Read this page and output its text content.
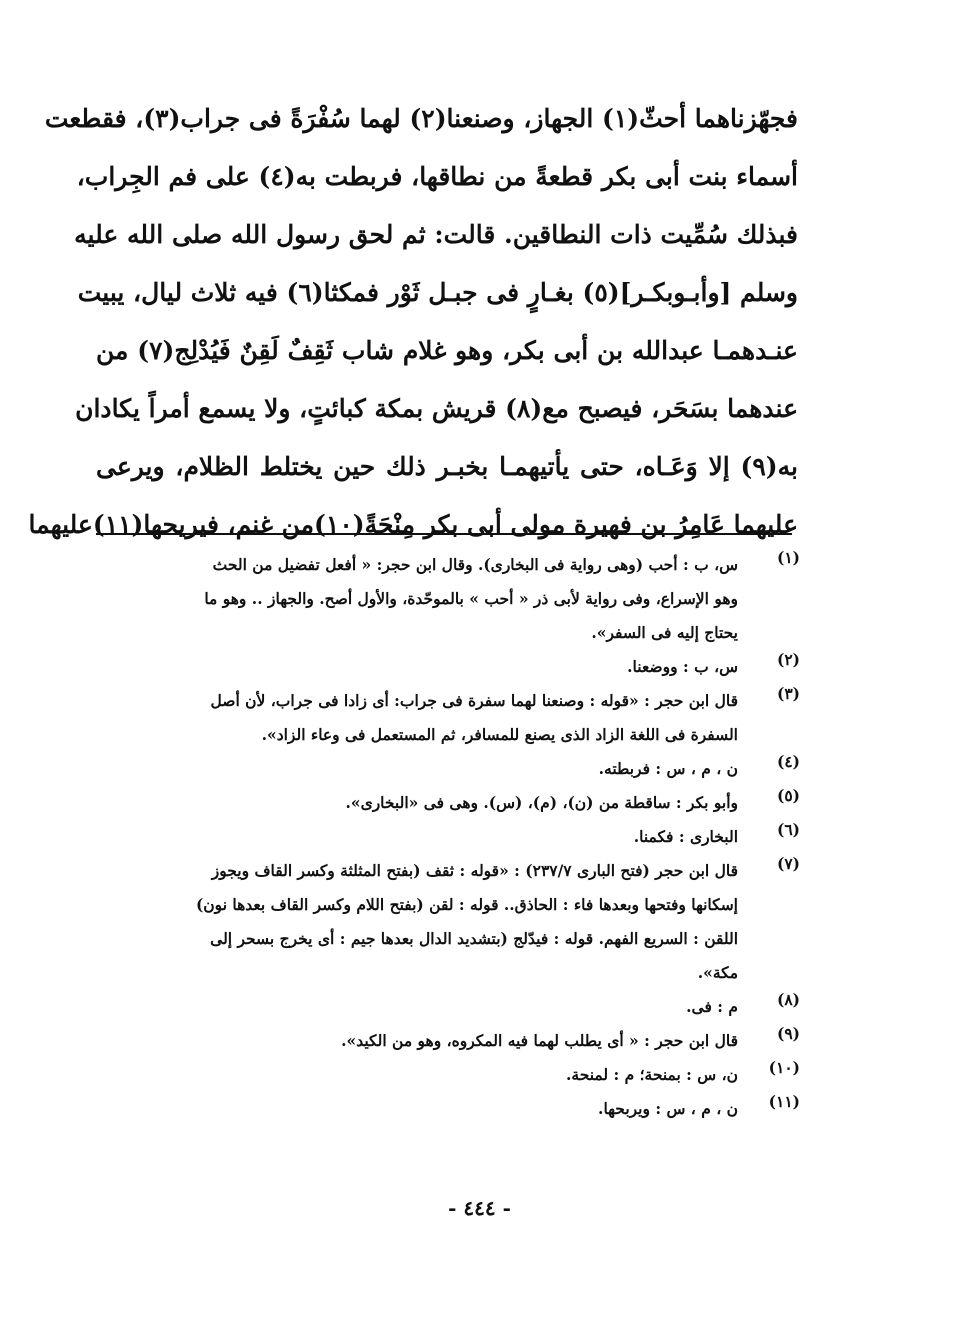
فجهّزناهما أحثّ(١) الجهاز، وصنعنا(٢) لهما سُفْرَةً فى جراب(٣)، فقطعت
أسماء بنت أبى بكر قطعةً من نطاقها، فربطت به(٤) على فم الجِراب،
فبذلك سُمِّيت ذات النطاقين. قالت: ثم لحق رسول الله صلى الله عليه
وسلم [وأبـوبكـر](٥) بغـارٍ فى جبـل ثَوْر فمكثا(٦) فيه ثلاث ليال، يبيت
عنـدهمـا عبدالله بن أبى بكر، وهو غلام شاب ثَقِفٌ لَقِنٌ فَيُدْلِج(٧) من
عندهما بسَحَر، فيصبح مع(٨) قريش بمكة كبائتٍ، ولا يسمع أمراً يكادان
به(٩) إلا وَعَـاه، حتى يأتيهمـا بخبـر ذلك حين يختلط الظلام، ويرعى
عليهما عَامِرُ بن فهيرة مولى أبى بكر مِنْحَةً(١٠)من غنم، فيريحها(١١)عليهما
(١)
س، ب : أحب (وهى رواية فى البخارى). وقال ابن حجر: « أفعل تفضيل من الحث
وهو الإسراع، وفى رواية لأبى ذر « أحب » بالموحّدة، والأول أصح. والجهاز .. وهو ما
يحتاج إليه فى السفر».
(٢)
س، ب : ووضعنا.
(٣)
قال ابن حجر : «قوله : وصنعنا لهما سفرة فى جراب: أى زادا فى جراب، لأن أصل
السفرة فى اللغة الزاد الذى يصنع للمسافر، ثم المستعمل فى وعاء الزاد».
(٤)
ن ، م ، س : فربطته.
(٥)
وأبو بكر : ساقطة من (ن)، (م)، (س). وهى فى «البخارى».
(٦)
البخارى : فكمنا.
(٧)
قال ابن حجر (فتح البارى ٢٣٧/٧) : «قوله : ثقف (بفتح المثلثة وكسر القاف ويجوز
إسكانها وفتحها وبعدها فاء : الحاذق.. قوله : لقن (بفتح اللام وكسر القاف بعدها نون)
اللقن : السريع الفهم. قوله : فيدّلج (بتشديد الدال بعدها جيم : أى يخرج بسحر إلى
مكة».
(٨)
م : فى.
(٩)
قال ابن حجر : « أى يطلب لهما فيه المكروه، وهو من الكيد».
(١٠)
ن، س : بمنحة؛ م : لمنحة.
(١١)
ن ، م ، س : ويربحها.
- ٤٤٤ -
